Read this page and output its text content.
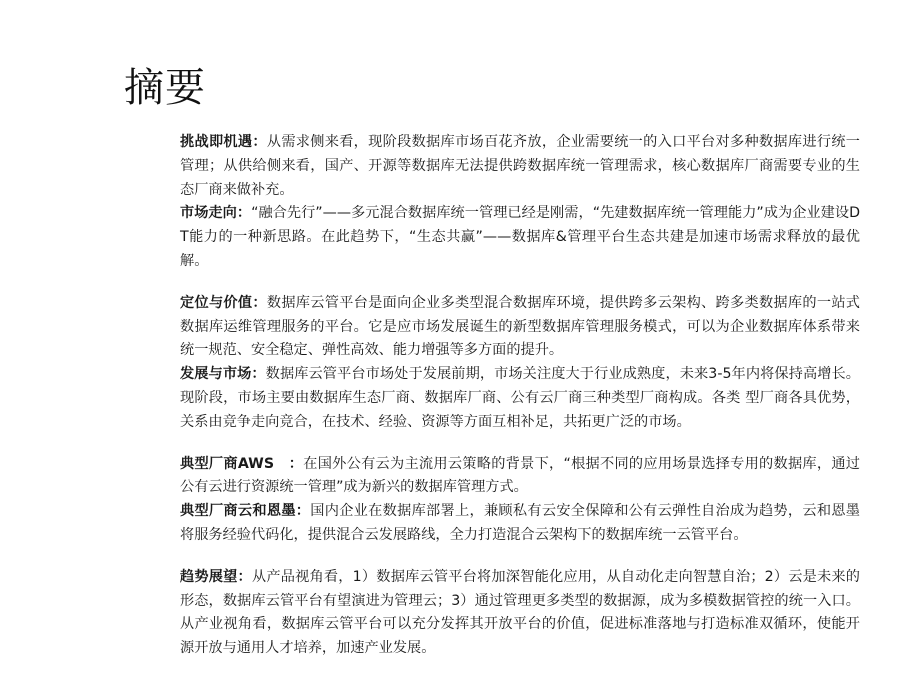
摘要

挑战即机遇：从需求侧来看，现阶段数据库市场百花齐放，企业需要统一的入口平台对多种数据库进行统一管理；从供给侧来看，国产、开源等数据库无法提供跨数据库统一管理需求，核心数据库厂商需要专业的生态厂商来做补充。

市场走向：“融合先行”——多元混合数据库统一管理已经是刚需，“先建数据库统一管理能力”成为企业建设DT能力的一种新思路。在此趋势下，“生态共赢”——数据库&管理平台生态共建是加速市场需求释放的最优解。

定位与价值：数据库云管平台是面向企业多类型混合数据库环境，提供跨多云架构、跨多类数据库的一站式数据库运维管理服务的平台。它是应市场发展诞生的新型数据库管理服务模式，可以为企业数据库体系带来统一规范、安全稳定、弹性高效、能力增强等多方面的提升。

发展与市场：数据库云管平台市场处于发展前期，市场关注度大于行业成熟度，未来3-5年内将保持高增长。现阶段，市场主要由数据库生态厂商、数据库厂商、公有云厂商三种类型厂商构成。各类 型厂商各具优势，关系由竞争走向竞合，在技术、经验、资源等方面互相补足，共拓更广泛的市场。

典型厂商AWS　：在国外公有云为主流用云策略的背景下，“根据不同的应用场景选择专用的数据库，通过公有云进行资源统一管理”成为新兴的数据库管理方式。

典型厂商云和恩墨：国内企业在数据库部署上，兼顾私有云安全保障和公有云弹性自治成为趋势，云和恩墨将服务经验代码化，提供混合云发展路线，全力打造混合云架构下的数据库统一云管平台。

趋势展望：从产品视角看，1）数据库云管平台将加深智能化应用，从自动化走向智慧自治；2）云是未来的形态，数据库云管平台有望演进为管理云；3）通过管理更多类型的数据源，成为多模数据管控的统一入口。从产业视角看，数据库云管平台可以充分发挥其开放平台的价值，促进标准落地与打造标准双循环，使能开源开放与通用人才培养，加速产业发展。
